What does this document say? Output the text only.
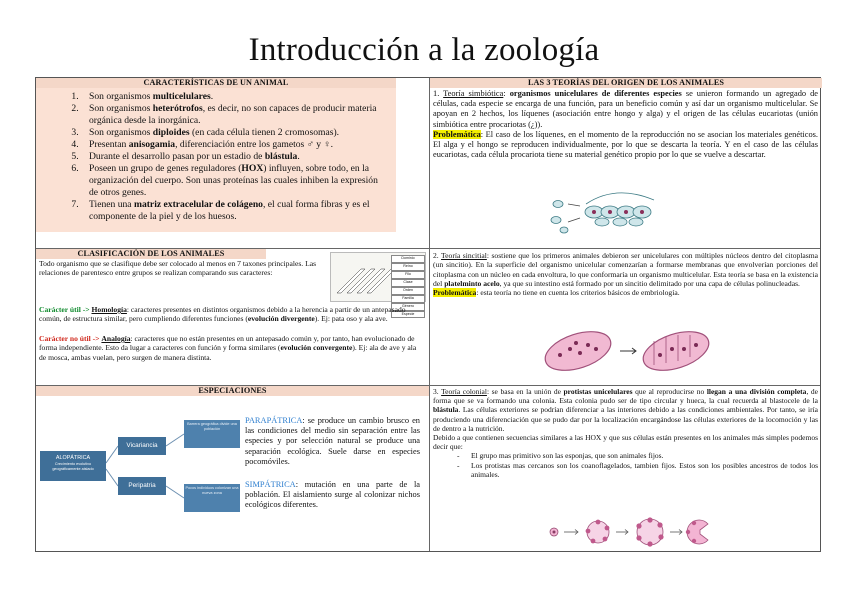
Introducción a la zoología
CARACTERÍSTICAS DE UN ANIMAL
1. Son organismos multicelulares.
2. Son organismos heterótrofos, es decir, no son capaces de producir materia orgánica desde la inorgánica.
3. Son organismos diploides (en cada célula tienen 2 cromosomas).
4. Presentan anisogamia, diferenciación entre los gametos ♂ y ♀.
5. Durante el desarrollo pasan por un estadio de blástula.
6. Poseen un grupo de genes reguladores (HOX) influyen, sobre todo, en la organización del cuerpo. Son unas proteínas las cuales inhiben la expresión de otros genes.
7. Tienen una matriz extracelular de colágeno, el cual forma fibras y es el componente de la piel y de los huesos.
LAS 3 TEORÍAS DEL ORIGEN DE LOS ANIMALES
1. Teoría simbiótica: organismos unicelulares de diferentes especies se unieron formando un agregado de células, cada especie se encarga de una función, para un beneficio común y así dar un organismo multicelular. Se apoyan en 2 hechos, los líquenes (asociación entre hongo y alga) y el origen de las células eucariotas (unión simbiótica entre procariotas (¿)).
Problemática: El caso de los líquenes, en el momento de la reproducción no se asocian los materiales genéticos. El alga y el hongo se reproducen individualmente, por lo que se descarta la teoría. Y en el caso de las células eucariotas, cada célula procariota tiene su material genético propio por lo que se vuelve a descartar.
CLASIFICACIÓN DE LOS ANIMALES
Todo organismo que se clasifique debe ser colocado al menos en 7 taxones principales. Las relaciones de parentesco entre grupos se realizan comparando sus caracteres:
Dominio
Reino
Filo
Clase
Orden
Familia
Género
Especie
Carácter útil -> Homología: caracteres presentes en distintos organismos debido a la herencia a partir de un antepasado común, de estructura similar, pero cumpliendo diferentes funciones (evolución divergente). Ej: pata oso y ala ave.
Carácter no útil -> Analogía: caracteres que no están presentes en un antepasado común y, por tanto, han evolucionado de forma independiente. Esto da lugar a caracteres con función y forma similares (evolución convergente). Ej: ala de ave y ala de mosca, ambas vuelan, pero surgen de manera distinta.
2. Teoría sincitial: sostiene que los primeros animales debieron ser unicelulares con múltiples núcleos dentro del citoplasma (un sincitio). En la superficie del organismo unicelular comenzarían a formarse membranas que envolverían porciones del citoplasma con un núcleo en cada envoltura, lo que conformaría un organismo multicelular. Esta teoría se basa en la existencia del platelminto acelo, ya que su intestino está formado por un sincitio delimitado por una capa de células polinucleadas.
Problemática: esta teoría no tiene en cuenta los criterios básicos de embriología.
ESPECIACIONES
ALOPÁTRICA
Crecimiento evolutivo geográficamente aislado
Vicariancia
Peripatria
Barrera geográfica divide una población
Pocos individuos colonizan una nueva zona
PARAPÁTRICA: se produce un cambio brusco en las condiciones del medio sin separación entre las especies y por selección natural se produce una separación ecológica. Suele darse en especies pocomóviles.
SIMPÁTRICA: mutación en una parte de la población. El aislamiento surge al colonizar nichos ecológicos diferentes.
3. Teoría colonial: se basa en la unión de protistas unicelulares que al reproducirse no llegan a una división completa, de forma que se va formando una colonia. Esta colonia pudo ser de tipo circular y hueca, la cual recuerda al blastocele de la blástula. Las células exteriores se podrían diferenciar a las interiores debido a las condiciones ambientales. Por tanto, se iría produciendo una diferenciación que se pudo dar por la localización encargándose las células exteriores de la locomoción y las de dentro a la nutrición.
Debido a que contienen secuencias similares a las HOX y que sus células están presentes en los animales más simples podemos decir que:
- El grupo mas primitivo son las esponjas, que son animales fijos.
- Los protistas mas cercanos son los coanoflagelados, tambien fijos. Estos son los posibles ancestros de todos los animales.
